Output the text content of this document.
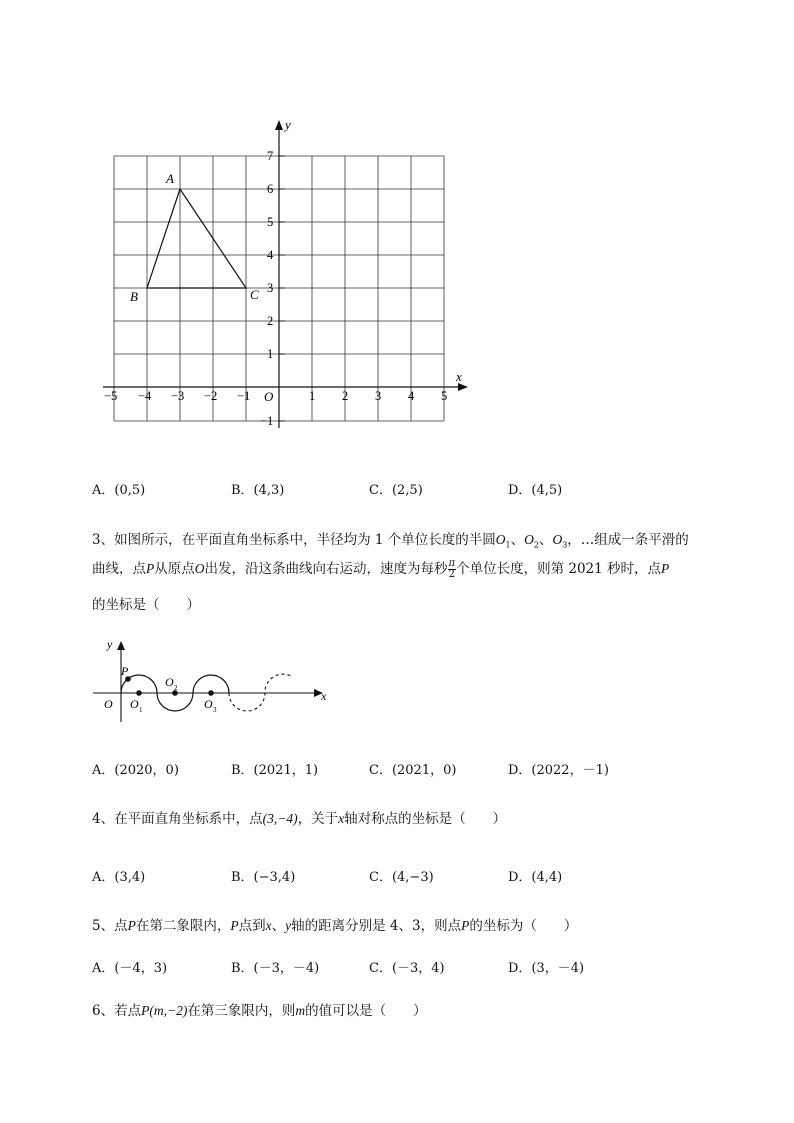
x
y
O
−5 −4 −3 −2 −1	1 2 3 4 5
7
6
5
4
3
2
1
−1
A
B	C
A．(0,5)	B．(4,3)	C．(2,5)	D．(4,5)
3、如图所示，在平面直角坐标系中，半径均为 1 个单位长度的半圆$O_1$、$O_2$、$O_3$，…组成一条平滑的
曲线，点P从原点O出发，沿这条曲线向右运动，速度为每秒 $\frac{\pi}{2}$ 个单位长度，则第 2021 秒时，点P
的坐标是（　　）
x
y
O
P
O
O
O
1
2
3
A．(2020，0)	B．(2021，1)	C．(2021，0)	D．(2022，－1)
4、在平面直角坐标系中，点(3,−4)，关于x轴对称点的坐标是（　　）
A．(3,4)	B．(−3,4)	C．(4,−3)	D．(4,4)
5、点P在第二象限内，P点到x、y轴的距离分别是 4、3，则点P的坐标为（　　）
A．(－4，3)	B．(－3，－4)	C．(－3，4)	D．(3，－4)
6、若点P(m,−2)在第三象限内，则m的值可以是（　　）
